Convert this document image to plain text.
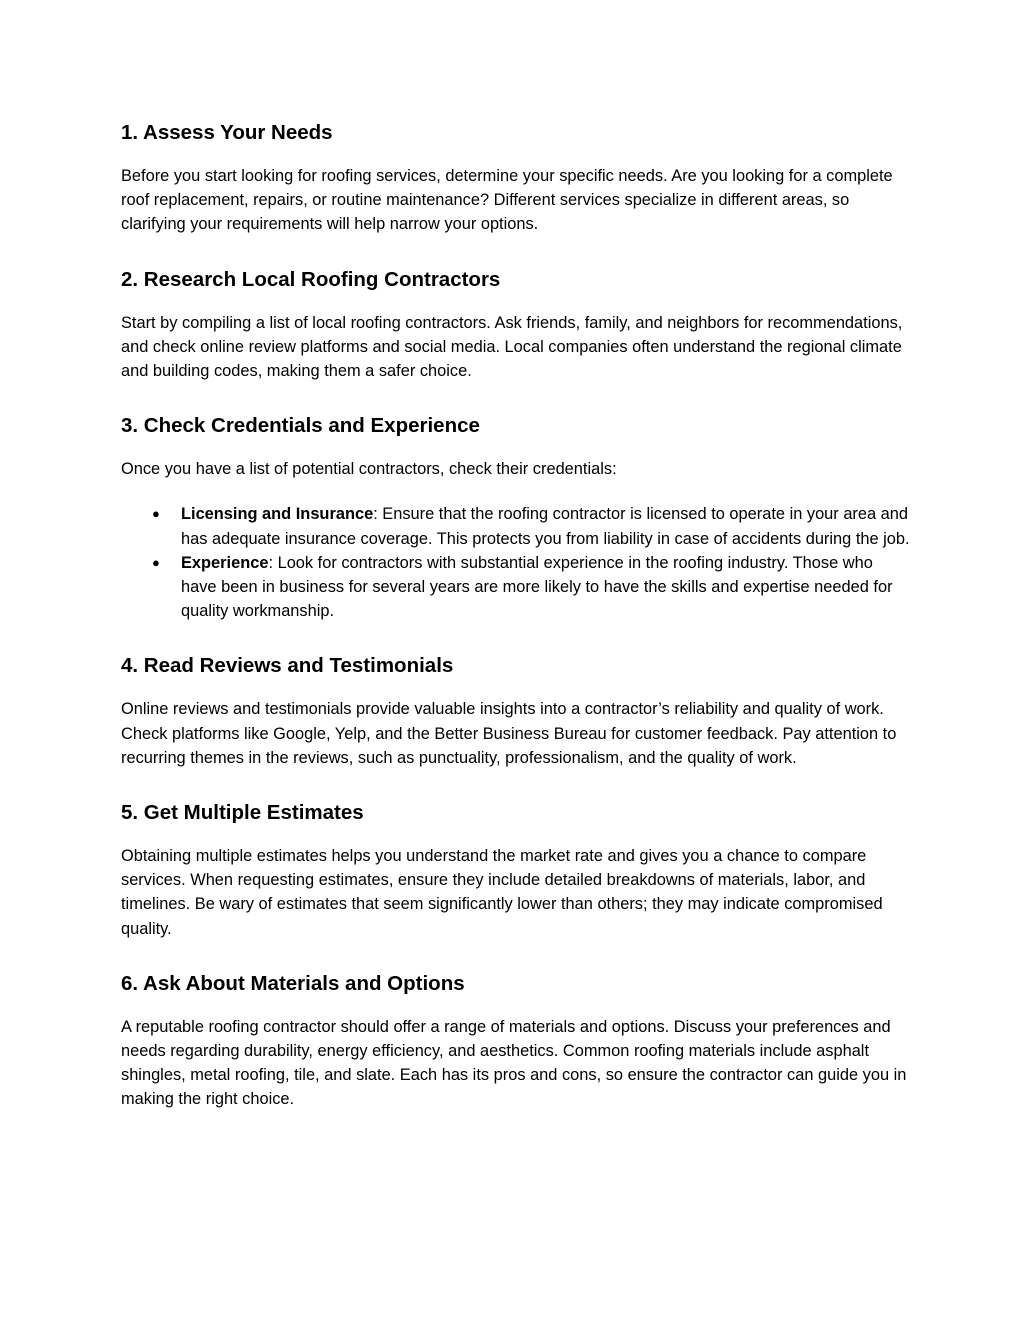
1. Assess Your Needs

Before you start looking for roofing services, determine your specific needs. Are you looking for a complete roof replacement, repairs, or routine maintenance? Different services specialize in different areas, so clarifying your requirements will help narrow your options.

2. Research Local Roofing Contractors

Start by compiling a list of local roofing contractors. Ask friends, family, and neighbors for recommendations, and check online review platforms and social media. Local companies often understand the regional climate and building codes, making them a safer choice.

3. Check Credentials and Experience

Once you have a list of potential contractors, check their credentials:

● Licensing and Insurance: Ensure that the roofing contractor is licensed to operate in your area and has adequate insurance coverage. This protects you from liability in case of accidents during the job.
● Experience: Look for contractors with substantial experience in the roofing industry. Those who have been in business for several years are more likely to have the skills and expertise needed for quality workmanship.
4. Read Reviews and Testimonials

Online reviews and testimonials provide valuable insights into a contractor’s reliability and quality of work. Check platforms like Google, Yelp, and the Better Business Bureau for customer feedback. Pay attention to recurring themes in the reviews, such as punctuality, professionalism, and the quality of work.

5. Get Multiple Estimates

Obtaining multiple estimates helps you understand the market rate and gives you a chance to compare services. When requesting estimates, ensure they include detailed breakdowns of materials, labor, and timelines. Be wary of estimates that seem significantly lower than others; they may indicate compromised quality.

6. Ask About Materials and Options

A reputable roofing contractor should offer a range of materials and options. Discuss your preferences and needs regarding durability, energy efficiency, and aesthetics. Common roofing materials include asphalt shingles, metal roofing, tile, and slate. Each has its pros and cons, so ensure the contractor can guide you in making the right choice.
